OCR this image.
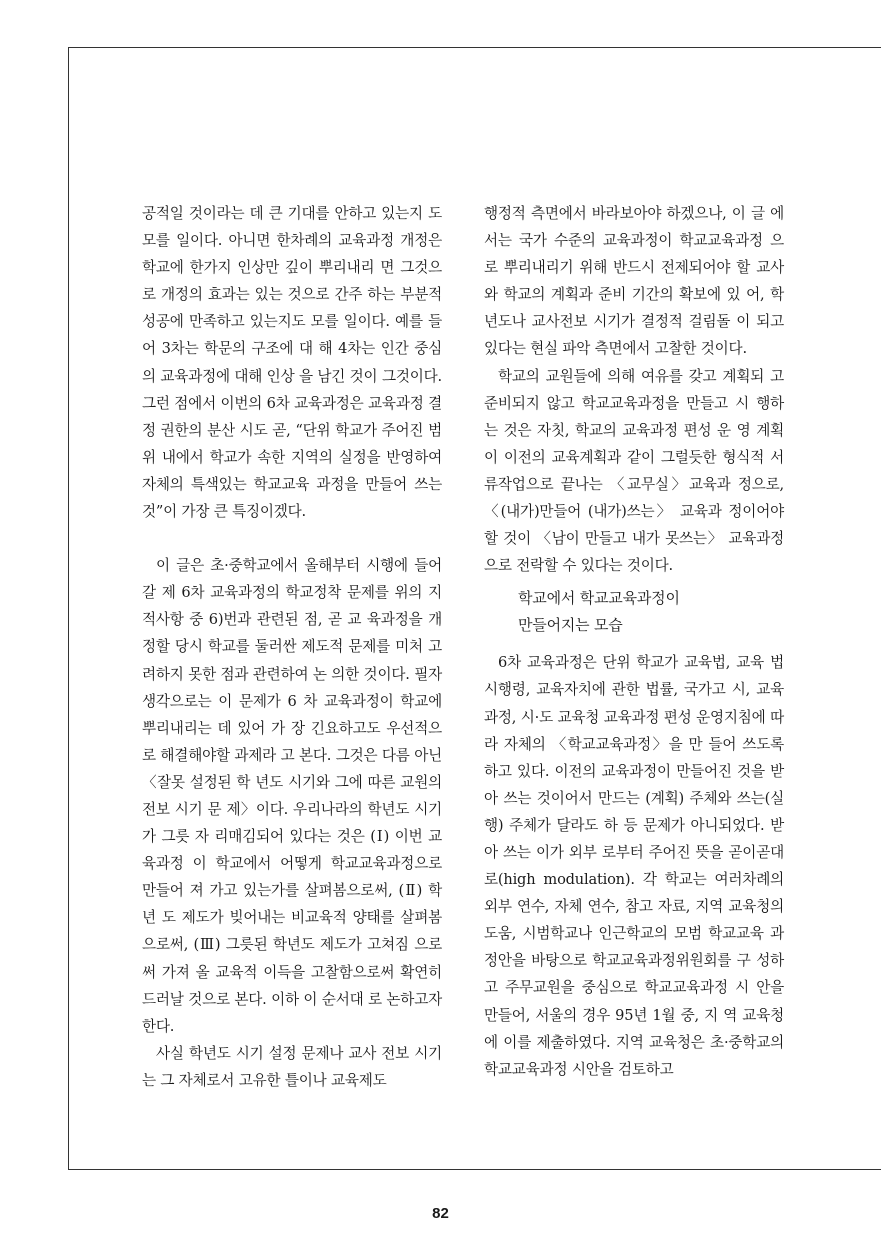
공적일 것이라는 데 큰 기대를 안하고 있는지 도 모를 일이다. 아니면 한차례의 교육과정 개정은 학교에 한가지 인상만 깊이 뿌리내리 면 그것으로 개정의 효과는 있는 것으로 간주 하는 부분적 성공에 만족하고 있는지도 모를 일이다. 예를 들어 3차는 학문의 구조에 대 해 4차는 인간 중심의 교육과정에 대해 인상 을 남긴 것이 그것이다. 그런 점에서 이번의 6차 교육과정은 교육과정 결정 권한의 분산 시도 곧, “단위 학교가 주어진 범위 내에서 학교가 속한 지역의 실정을 반영하여 자체의 특색있는 학교교육 과정을 만들어 쓰는 것”이 가장 큰 특징이겠다.

이 글은 초·중학교에서 올해부터 시행에 들어갈 제 6차 교육과정의 학교정착 문제를 위의 지적사항 중 6)번과 관련된 점, 곧 교 육과정을 개정할 당시 학교를 둘러싼 제도적 문제를 미처 고려하지 못한 점과 관련하여 논 의한 것이다. 필자 생각으로는 이 문제가 6 차 교육과정이 학교에 뿌리내리는 데 있어 가 장 긴요하고도 우선적으로 해결해야할 과제라 고 본다. 그것은 다름 아닌 〈잘못 설정된 학 년도 시기와 그에 따른 교원의 전보 시기 문 제〉이다. 우리나라의 학년도 시기가 그릇 자 리매김되어 있다는 것은 (Ⅰ) 이번 교육과정 이 학교에서 어떻게 학교교육과정으로 만들어 져 가고 있는가를 살펴봄으로써, (Ⅱ) 학년 도 제도가 빚어내는 비교육적 양태를 살펴봄 으로써, (Ⅲ) 그릇된 학년도 제도가 고쳐짐 으로써 가져 올 교육적 이득을 고찰함으로써 확연히 드러날 것으로 본다. 이하 이 순서대 로 논하고자 한다.

사실 학년도 시기 설정 문제나 교사 전보 시기는 그 자체로서 고유한 틀이나 교육제도

행정적 측면에서 바라보아야 하겠으나, 이 글 에서는 국가 수준의 교육과정이 학교교육과정 으로 뿌리내리기 위해 반드시 전제되어야 할 교사와 학교의 계획과 준비 기간의 확보에 있 어, 학년도나 교사전보 시기가 결정적 걸림돌 이 되고 있다는 현실 파악 측면에서 고찰한 것이다.

학교의 교원들에 의해 여유를 갖고 계획되 고 준비되지 않고 학교교육과정을 만들고 시 행하는 것은 자칫, 학교의 교육과정 편성 운 영 계획이 이전의 교육계획과 같이 그럴듯한 형식적 서류작업으로 끝나는 〈교무실〉교육과 정으로, 〈(내가)만들어 (내가)쓰는〉 교육과 정이어야 할 것이 〈남이 만들고 내가 못쓰는〉 교육과정으로 전락할 수 있다는 것이다.

학교에서 학교교육과정이
만들어지는 모습

6차 교육과정은 단위 학교가 교육법, 교육 법 시행령, 교육자치에 관한 법률, 국가고 시, 교육과정, 시·도 교육청 교육과정 편성 운영지침에 따라 자체의 〈학교교육과정〉을 만 들어 쓰도록 하고 있다. 이전의 교육과정이 만들어진 것을 받아 쓰는 것이어서 만드는 (계획) 주체와 쓰는(실행) 주체가 달라도 하 등 문제가 아니되었다. 받아 쓰는 이가 외부 로부터 주어진 뜻을 곧이곧대로(high modulation). 각 학교는 여러차례의 외부 연수, 자체 연수, 참고 자료, 지역 교육청의 도움, 시범학교나 인근학교의 모범 학교교육 과정안을 바탕으로 학교교육과정위원회를 구 성하고 주무교원을 중심으로 학교교육과정 시 안을 만들어, 서울의 경우 95년 1월 중, 지 역 교육청에 이를 제출하였다. 지역 교육청은 초·중학교의 학교교육과정 시안을 검토하고

82
